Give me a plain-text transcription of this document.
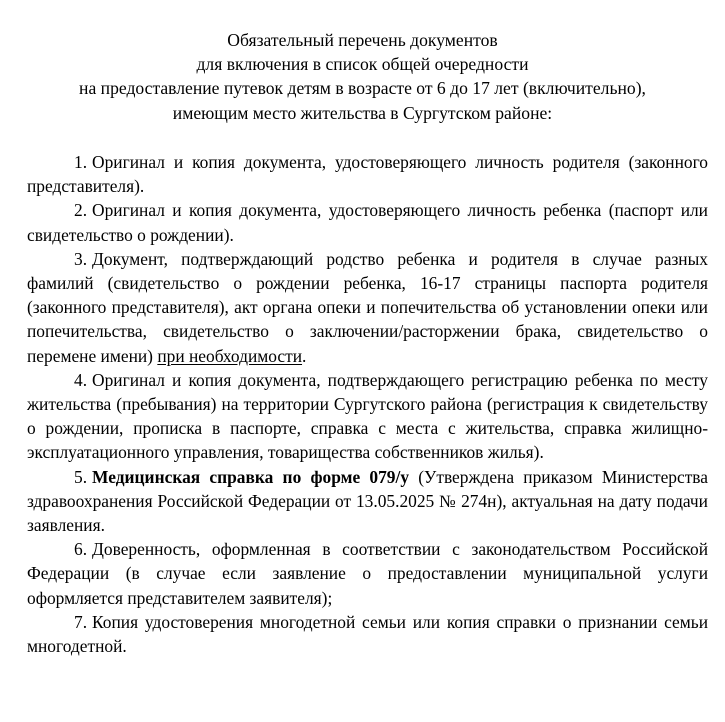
Обязательный перечень документов
для включения в список общей очередности
на предоставление путевок детям в возрасте от 6 до 17 лет (включительно),
имеющим место жительства в Сургутском районе:

1. Оригинал и копия документа, удостоверяющего личность родителя (законного представителя).

2. Оригинал и копия документа, удостоверяющего личность ребенка (паспорт или свидетельство о рождении).

3. Документ, подтверждающий родство ребенка и родителя в случае разных фамилий (свидетельство о рождении ребенка, 16-17 страницы паспорта родителя (законного представителя), акт органа опеки и попечительства об установлении опеки или попечительства, свидетельство о заключении/расторжении брака, свидетельство о перемене имени) при необходимости.

4. Оригинал и копия документа, подтверждающего регистрацию ребенка по месту жительства (пребывания) на территории Сургутского района (регистрация к свидетельству о рождении, прописка в паспорте, справка с места с жительства, справка жилищно-эксплуатационного управления, товарищества собственников жилья).

5. Медицинская справка по форме 079/у (Утверждена приказом Министерства здравоохранения Российской Федерации от 13.05.2025 № 274н), актуальная на дату подачи заявления.

6. Доверенность, оформленная в соответствии с законодательством Российской Федерации (в случае если заявление о предоставлении муниципальной услуги оформляется представителем заявителя);

7. Копия удостоверения многодетной семьи или копия справки о признании семьи многодетной.
